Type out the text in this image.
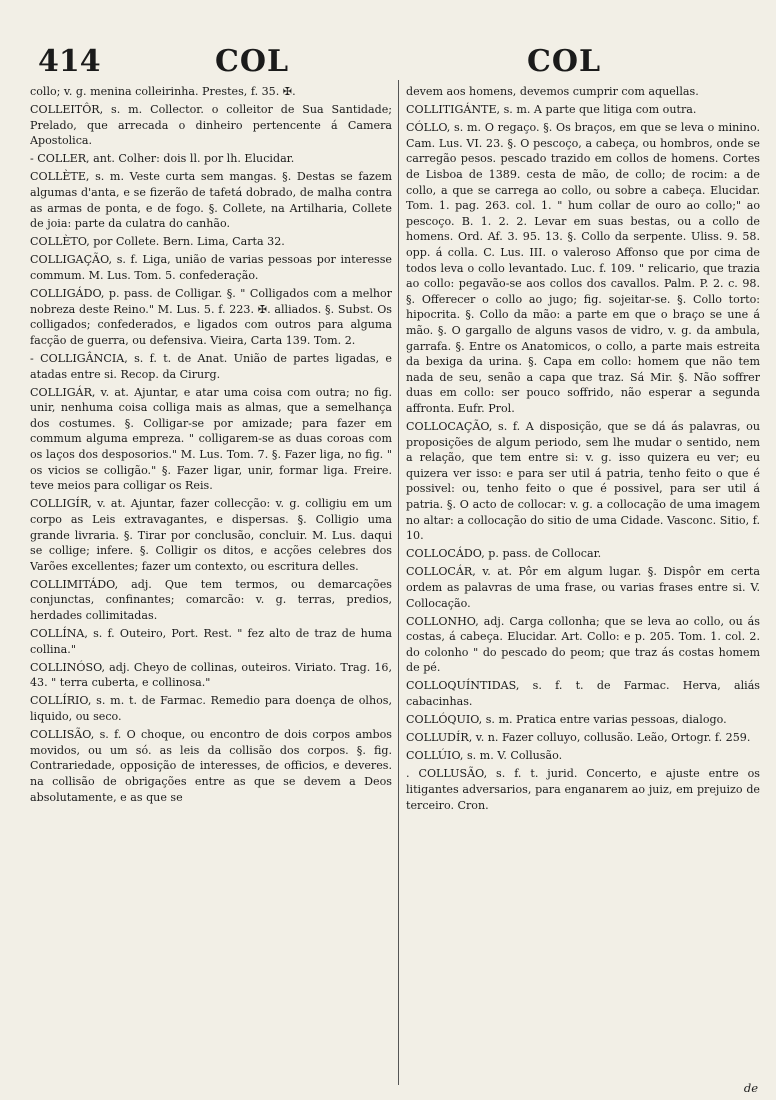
414	COL	COL

collo; v. g. menina colleirinha. Prestes, f. 35. ✠.

COLLEITÔR, s. m. Collector. o colleitor de Sua Santidade; Prelado, que arrecada o dinheiro pertencente á Camera Apostolica.

- COLLER, ant. Colher: dois ll. por lh. Elucidar.

COLLÈTE, s. m. Veste curta sem mangas. §. Destas se fazem algumas d'anta, e se fizerão de tafetá dobrado, de malha contra as armas de ponta, e de fogo. §. Collete, na Artilharia, Collete de joia: parte da culatra do canhão.

COLLÈTO, por Collete. Bern. Lima, Carta 32.

COLLIGAÇÃO, s. f. Liga, união de varias pessoas por interesse commum. M. Lus. Tom. 5. confederação.

COLLIGÁDO, p. pass. de Colligar. §. " Colligados com a melhor nobreza deste Reino." M. Lus. 5. f. 223. ✠. alliados. §. Subst. Os colligados; confederados, e ligados com outros para alguma facção de guerra, ou defensiva. Vieira, Carta 139. Tom. 2.

- COLLIGÂNCIA, s. f. t. de Anat. União de partes ligadas, e atadas entre si. Recop. da Cirurg.

COLLIGÁR, v. at. Ajuntar, e atar uma coisa com outra; no fig. unir, nenhuma coisa colliga mais as almas, que a semelhança dos costumes. §. Colligar-se por amizade; para fazer em commum alguma empreza. " colligarem-se as duas coroas com os laços dos desposorios." M. Lus. Tom. 7. §. Fazer liga, no fig. " os vicios se colligão." §. Fazer ligar, unir, formar liga. Freire. teve meios para colligar os Reis.

COLLIGÍR, v. at. Ajuntar, fazer collecção: v. g. colligiu em um corpo as Leis extravagantes, e dispersas. §. Colligio uma grande livraria. §. Tirar por conclusão, concluir. M. Lus. daqui se collige; infere. §. Colligir os ditos, e acções celebres dos Varões excellentes; fazer um contexto, ou escritura delles.

COLLIMITÁDO, adj. Que tem termos, ou demarcações conjunctas, confinantes; comarcão: v. g. terras, predios, herdades collimitadas.

COLLÍNA, s. f. Outeiro, Port. Rest. " fez alto de traz de huma collina."

COLLINÓSO, adj. Cheyo de collinas, outeiros. Viriato. Trag. 16, 43. " terra cuberta, e collinosa."

COLLÍRIO, s. m. t. de Farmac. Remedio para doença de olhos, liquido, ou seco.

COLLISÃO, s. f. O choque, ou encontro de dois corpos ambos movidos, ou um só. as leis da collisão dos corpos. §. fig. Contrariedade, opposição de interesses, de officios, e deveres. na collisão de obrigações entre as que se devem a Deos absolutamente, e as que se

devem aos homens, devemos cumprir com aquellas.

COLLITIGÁNTE, s. m. A parte que litiga com outra.

CÓLLO, s. m. O regaço. §. Os braços, em que se leva o minino. Cam. Lus. VI. 23. §. O pescoço, a cabeça, ou hombros, onde se carregão pesos. pescado trazido em collos de homens. Cortes de Lisboa de 1389. cesta de mão, de collo; de rocim: a de collo, a que se carrega ao collo, ou sobre a cabeça. Elucidar. Tom. 1. pag. 263. col. 1. " hum collar de ouro ao collo;" ao pescoço. B. 1. 2. 2. Levar em suas bestas, ou a collo de homens. Ord. Af. 3. 95. 13. §. Collo da serpente. Uliss. 9. 58. opp. á colla. C. Lus. III. o valeroso Affonso que por cima de todos leva o collo levantado. Luc. f. 109. " relicario, que trazia ao collo: pegavão-se aos collos dos cavallos. Palm. P. 2. c. 98. §. Offerecer o collo ao jugo; fig. sojeitar-se. §. Collo torto: hipocrita. §. Collo da mão: a parte em que o braço se une á mão. §. O gargallo de alguns vasos de vidro, v. g. da ambula, garrafa. §. Entre os Anatomicos, o collo, a parte mais estreita da bexiga da urina. §. Capa em collo: homem que não tem nada de seu, senão a capa que traz. Sá Mir. §. Não soffrer duas em collo: ser pouco soffrido, não esperar a segunda affronta. Eufr. Prol.

COLLOCAÇÃO, s. f. A disposição, que se dá ás palavras, ou proposições de algum periodo, sem lhe mudar o sentido, nem a relação, que tem entre si: v. g. isso quizera eu ver; eu quizera ver isso: e para ser util á patria, tenho feito o que é possivel: ou, tenho feito o que é possivel, para ser util á patria. §. O acto de collocar: v. g. a collocação de uma imagem no altar: a collocação do sitio de uma Cidade. Vasconc. Sitio, f. 10.

COLLOCÁDO, p. pass. de Collocar.

COLLOCÁR, v. at. Pôr em algum lugar. §. Dispôr em certa ordem as palavras de uma frase, ou varias frases entre si. V. Collocação.

COLLONHO, adj. Carga collonha; que se leva ao collo, ou ás costas, á cabeça. Elucidar. Art. Collo: e p. 205. Tom. 1. col. 2. do colonho " do pescado do peom; que traz ás costas homem de pé.

COLLOQUÍNTIDAS, s. f. t. de Farmac. Herva, aliás cabacinhas.

COLLÓQUIO, s. m. Pratica entre varias pessoas, dialogo.

COLLUDÍR, v. n. Fazer colluyo, collusão. Leão, Ortogr. f. 259.

COLLÚIO, s. m. V. Collusão.

. COLLUSÃO, s. f. t. jurid. Concerto, e ajuste entre os litigantes adversarios, para enganarem ao juiz, em prejuizo de terceiro. Cron.

de
